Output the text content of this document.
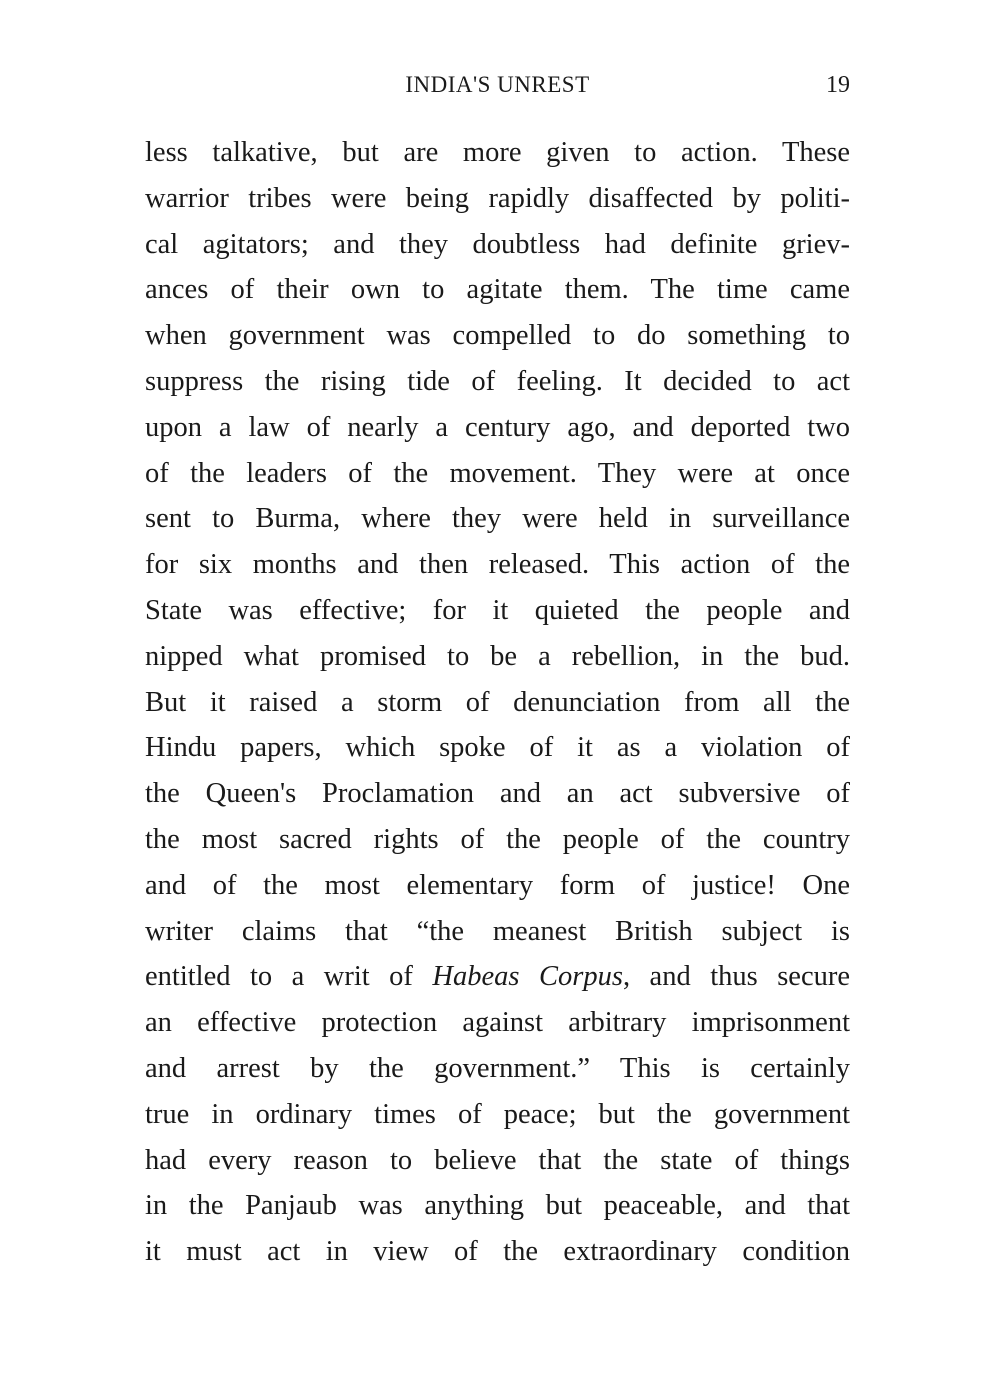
INDIA'S UNREST	19
less talkative, but are more given to action. These
warrior tribes were being rapidly disaffected by politi-
cal agitators; and they doubtless had definite griev-
ances of their own to agitate them. The time came
when government was compelled to do something to
suppress the rising tide of feeling. It decided to act
upon a law of nearly a century ago, and deported two
of the leaders of the movement. They were at once
sent to Burma, where they were held in surveillance
for six months and then released. This action of the
State was effective; for it quieted the people and
nipped what promised to be a rebellion, in the bud.
But it raised a storm of denunciation from all the
Hindu papers, which spoke of it as a violation of
the Queen's Proclamation and an act subversive of
the most sacred rights of the people of the country
and of the most elementary form of justice! One
writer claims that “the meanest British subject is
entitled to a writ of Habeas Corpus, and thus secure
an effective protection against arbitrary imprisonment
and arrest by the government.” This is certainly
true in ordinary times of peace; but the government
had every reason to believe that the state of things
in the Panjaub was anything but peaceable, and that
it must act in view of the extraordinary condition
